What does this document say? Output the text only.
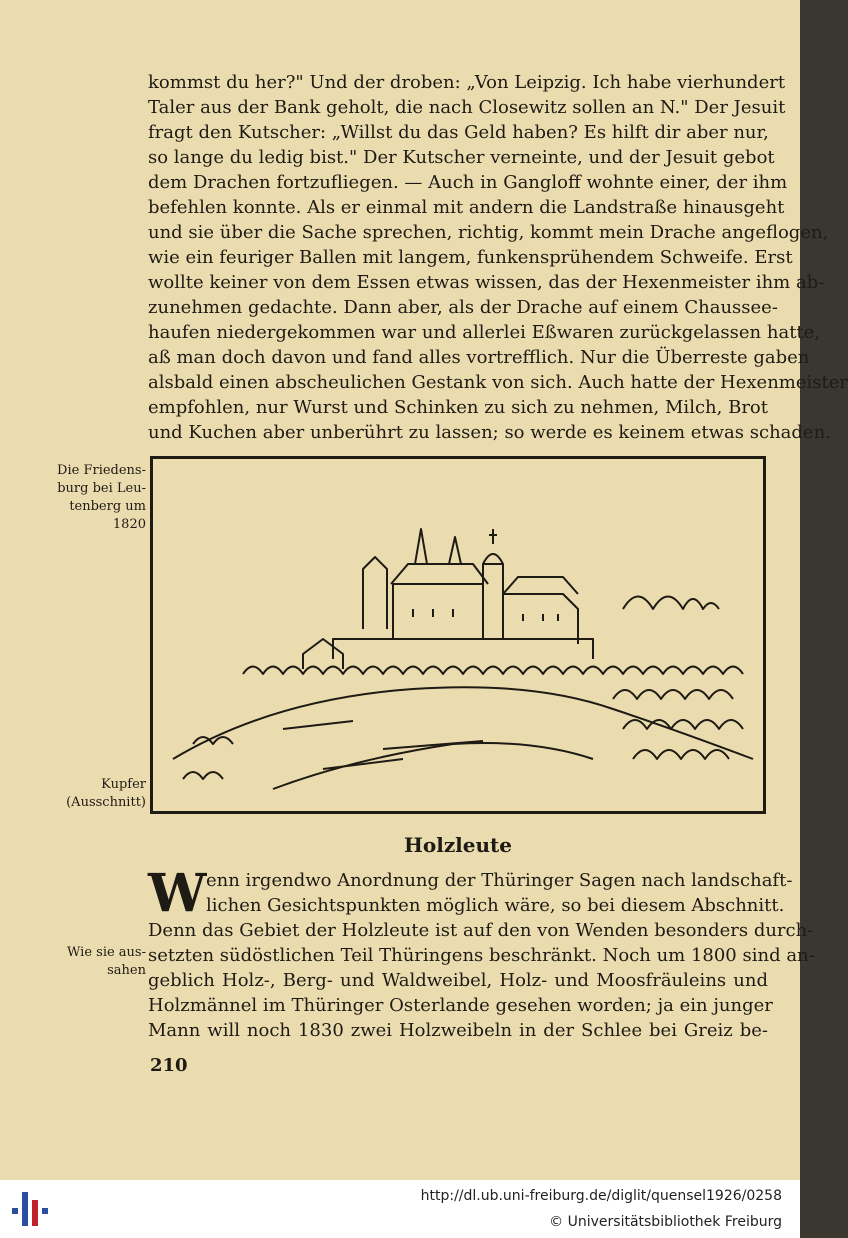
kommst du her?" Und der droben: „Von Leipzig. Ich habe vierhundert
Taler aus der Bank geholt, die nach Closewitz sollen an N." Der Jesuit
fragt den Kutscher: „Willst du das Geld haben? Es hilft dir aber nur,
so lange du ledig bist." Der Kutscher verneinte, und der Jesuit gebot
dem Drachen fortzufliegen. — Auch in Gangloff wohnte einer, der ihm
befehlen konnte. Als er einmal mit andern die Landstraße hinausgeht
und sie über die Sache sprechen, richtig, kommt mein Drache angeflogen,
wie ein feuriger Ballen mit langem, funkensprühendem Schweife. Erst
wollte keiner von dem Essen etwas wissen, das der Hexenmeister ihm ab-
zunehmen gedachte. Dann aber, als der Drache auf einem Chaussee-
haufen niedergekommen war und allerlei Eßwaren zurückgelassen hatte,
aß man doch davon und fand alles vortrefflich. Nur die Überreste gaben
alsbald einen abscheulichen Gestank von sich. Auch hatte der Hexenmeister
empfohlen, nur Wurst und Schinken zu sich zu nehmen, Milch, Brot
und Kuchen aber unberührt zu lassen; so werde es keinem etwas schaden.
Die Friedens-
burg bei Leu-
tenberg um
1820
Kupfer
(Ausschnitt)
Holzleute
W enn irgendwo Anordnung der Thüringer Sagen nach landschaft-
lichen Gesichtspunkten möglich wäre, so bei diesem Abschnitt.
Denn das Gebiet der Holzleute ist auf den von Wenden besonders durch-
setzten südöstlichen Teil Thüringens beschränkt. Noch um 1800 sind an-
geblich Holz-, Berg- und Waldweibel, Holz- und Moosfräuleins und
Holzmännel im Thüringer Osterlande gesehen worden; ja ein junger
Mann will noch 1830 zwei Holzweibeln in der Schlee bei Greiz be-
Wie sie aus-
sahen
210
http://dl.ub.uni-freiburg.de/diglit/quensel1926/0258
© Universitätsbibliothek Freiburg
